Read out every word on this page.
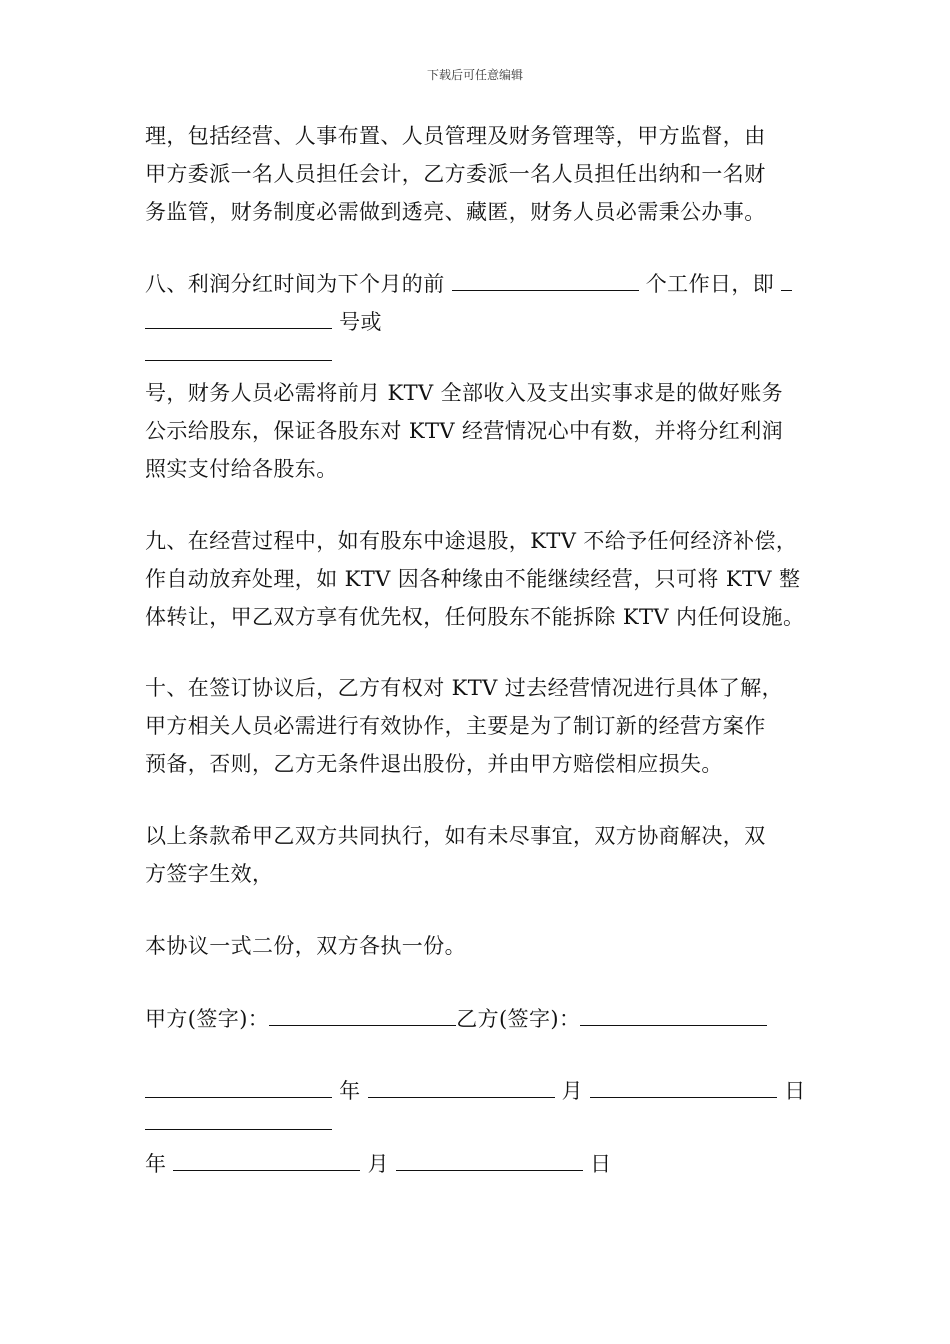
下载后可任意编辑
理，包括经营、人事布置、人员管理及财务管理等，甲方监督，由
甲方委派一名人员担任会计，乙方委派一名人员担任出纳和一名财
务监管，财务制度必需做到透亮、藏匿，财务人员必需秉公办事。
八、利润分红时间为下个月的前	个工作日，即
号或
号，财务人员必需将前月 KTV 全部收入及支出实事求是的做好账务
公示给股东，保证各股东对 KTV 经营情况心中有数，并将分红利润
照实支付给各股东。
九、在经营过程中，如有股东中途退股，KTV 不给予任何经济补偿，
作自动放弃处理，如 KTV 因各种缘由不能继续经营，只可将 KTV 整
体转让，甲乙双方享有优先权，任何股东不能拆除 KTV 内任何设施。
十、在签订协议后，乙方有权对 KTV 过去经营情况进行具体了解，
甲方相关人员必需进行有效协作，主要是为了制订新的经营方案作
预备，否则，乙方无条件退出股份，并由甲方赔偿相应损失。
以上条款希甲乙双方共同执行，如有未尽事宜，双方协商解决，双
方签字生效，
本协议一式二份，双方各执一份。
甲方(签字)：	乙方(签字)：
年	月	日
年	月	日
